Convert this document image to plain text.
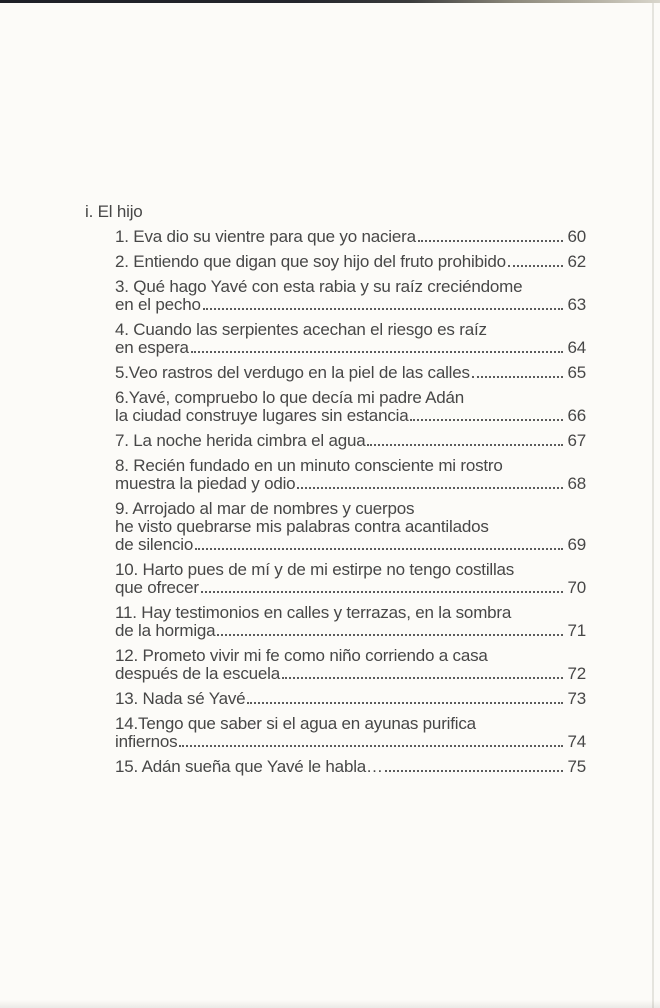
i. El hijo
1. Eva dio su vientre para que yo naciera	60
2. Entiendo que digan que soy hijo del fruto prohibido	62
3. Qué hago Yavé con esta rabia y su raíz creciéndome
en el pecho	63
4. Cuando las serpientes acechan el riesgo es raíz
en espera	64
5.Veo rastros del verdugo en la piel de las calles	65
6.Yavé, compruebo lo que decía mi padre Adán
la ciudad construye lugares sin estancia	66
7. La noche herida cimbra el agua	67
8. Recién fundado en un minuto consciente mi rostro
muestra la piedad y odio	68
9. Arrojado al mar de nombres y cuerpos
he visto quebrarse mis palabras contra acantilados
de silencio	69
10. Harto pues de mí y de mi estirpe no tengo costillas
que ofrecer	70
11. Hay testimonios en calles y terrazas, en la sombra
de la hormiga	71
12. Prometo vivir mi fe como niño corriendo a casa
después de la escuela	72
13. Nada sé Yavé	73
14.Tengo que saber si el agua en ayunas purifica
infiernos	74
15. Adán sueña que Yavé le habla…	75
